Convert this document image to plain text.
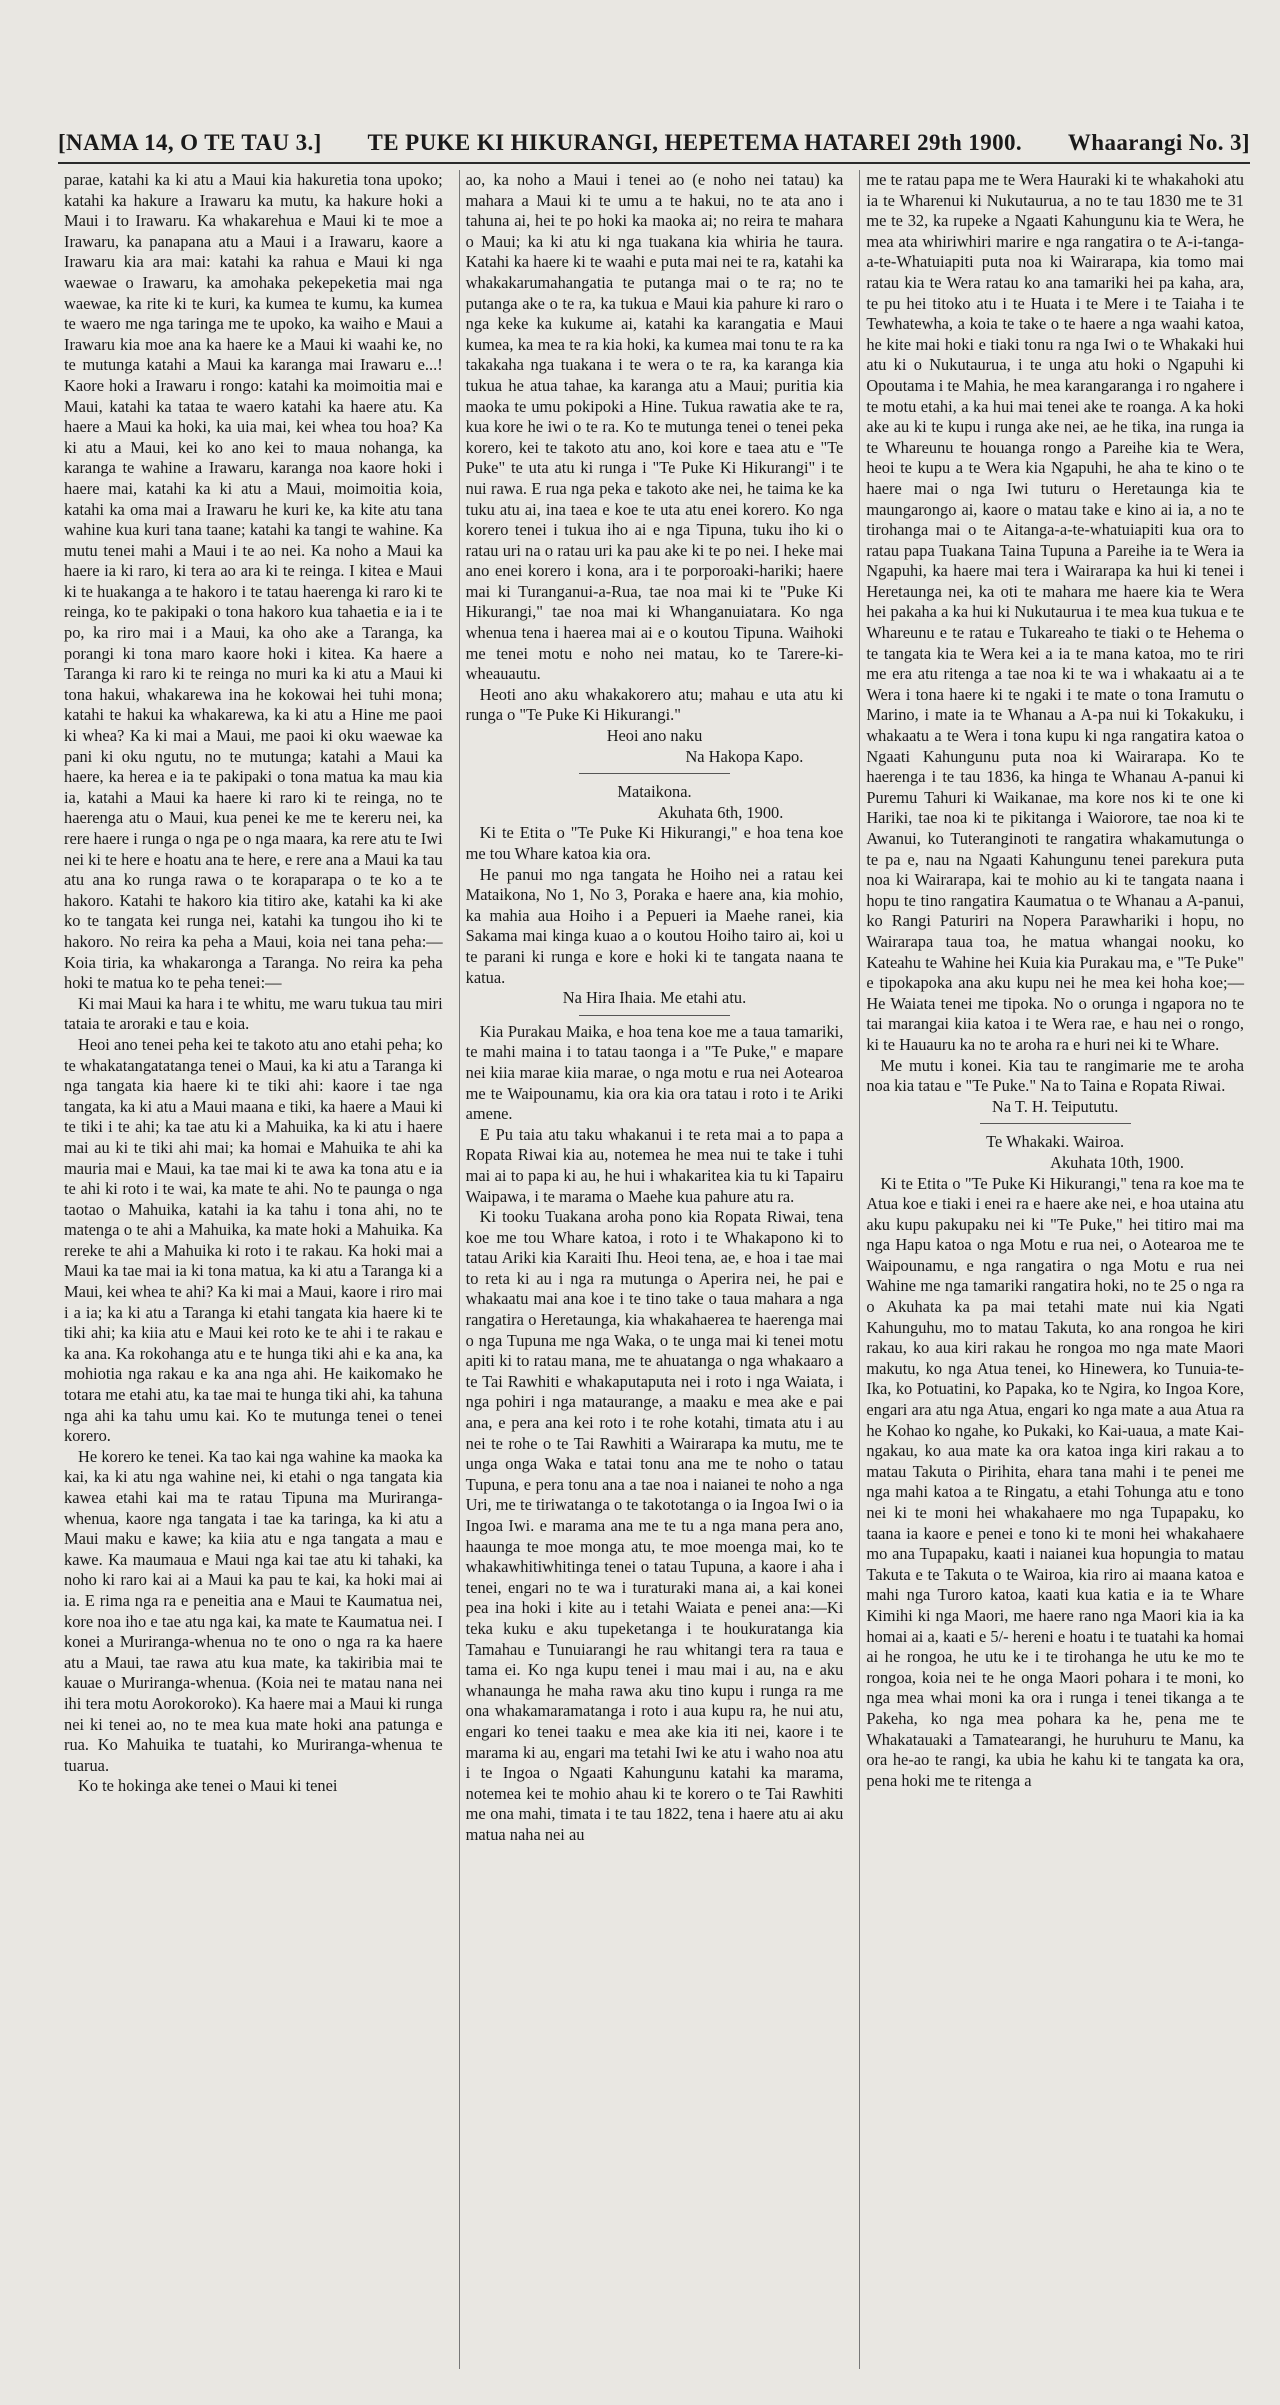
[NAMA 14, O TE TAU 3.] TE PUKE KI HIKURANGI, HEPETEMA HATAREI 29th 1900. Whaarangi No. 3]

parae, katahi ka ki atu a Maui kia hakuretia tona upoko; katahi ka hakure a Irawaru ka mutu, ka hakure hoki a Maui i to Irawaru. Ka whakarehua e Maui ki te moe a Irawaru, ka panapana atu a Maui i a Irawaru, kaore a Irawaru kia ara mai: katahi ka rahua e Maui ki nga waewae o Irawaru, ka amohaka pekepeketia mai nga waewae, ka rite ki te kuri, ka kumea te kumu, ka kumea te waero me nga taringa me te upoko, ka waiho e Maui a Irawaru kia moe ana ka haere ke a Maui ki waahi ke, no te mutunga katahi a Maui ka karanga mai Irawaru e...! Kaore hoki a Irawaru i rongo: katahi ka moimoitia mai e Maui, katahi ka tataa te waero katahi ka haere atu. Ka haere a Maui ka hoki, ka uia mai, kei whea tou hoa? Ka ki atu a Maui, kei ko ano kei to maua nohanga, ka karanga te wahine a Irawaru, karanga noa kaore hoki i haere mai, katahi ka ki atu a Maui, moimoitia koia, katahi ka oma mai a Irawaru he kuri ke, ka kite atu tana wahine kua kuri tana taane; katahi ka tangi te wahine. Ka mutu tenei mahi a Maui i te ao nei. Ka noho a Maui ka haere ia ki raro, ki tera ao ara ki te reinga. I kitea e Maui ki te huakanga a te hakoro i te tatau haerenga ki raro ki te reinga, ko te pakipaki o tona hakoro kua tahaetia e ia i te po, ka riro mai i a Maui, ka oho ake a Taranga, ka porangi ki tona maro kaore hoki i kitea. Ka haere a Taranga ki raro ki te reinga no muri ka ki atu a Maui ki tona hakui, whakarewa ina he kokowai hei tuhi mona; katahi te hakui ka whakarewa, ka ki atu a Hine me paoi ki whea? Ka ki mai a Maui, me paoi ki oku waewae ka pani ki oku ngutu, no te mutunga; katahi a Maui ka haere, ka herea e ia te pakipaki o tona matua ka mau kia ia, katahi a Maui ka haere ki raro ki te reinga, no te haerenga atu o Maui, kua penei ke me te kereru nei, ka rere haere i runga o nga pe o nga maara, ka rere atu te Iwi nei ki te here e hoatu ana te here, e rere ana a Maui ka tau atu ana ko runga rawa o te koraparapa o te ko a te hakoro. Katahi te hakoro kia titiro ake, katahi ka ki ake ko te tangata kei runga nei, katahi ka tungou iho ki te hakoro. No reira ka peha a Maui, koia nei tana peha:— Koia tiria, ka whakaronga a Taranga. No reira ka peha hoki te matua ko te peha tenei:—

Ki mai Maui ka hara i te whitu, me waru tukua tau miri tataia te aroraki e tau e koia.

Heoi ano tenei peha kei te takoto atu ano etahi peha; ko te whakatangatatanga tenei o Maui, ka ki atu a Taranga ki nga tangata kia haere ki te tiki ahi: kaore i tae nga tangata, ka ki atu a Maui maana e tiki, ka haere a Maui ki te tiki i te ahi; ka tae atu ki a Mahuika, ka ki atu i haere mai au ki te tiki ahi mai; ka homai e Mahuika te ahi ka mauria mai e Maui, ka tae mai ki te awa ka tona atu e ia te ahi ki roto i te wai, ka mate te ahi. No te paunga o nga taotao o Mahuika, katahi ia ka tahu i tona ahi, no te matenga o te ahi a Mahuika, ka mate hoki a Mahuika. Ka rereke te ahi a Mahuika ki roto i te rakau. Ka hoki mai a Maui ka tae mai ia ki tona matua, ka ki atu a Taranga ki a Maui, kei whea te ahi? Ka ki mai a Maui, kaore i riro mai i a ia; ka ki atu a Taranga ki etahi tangata kia haere ki te tiki ahi; ka kiia atu e Maui kei roto ke te ahi i te rakau e ka ana. Ka rokohanga atu e te hunga tiki ahi e ka ana, ka mohiotia nga rakau e ka ana nga ahi. He kaikomako he totara me etahi atu, ka tae mai te hunga tiki ahi, ka tahuna nga ahi ka tahu umu kai. Ko te mutunga tenei o tenei korero.

He korero ke tenei. Ka tao kai nga wahine ka maoka ka kai, ka ki atu nga wahine nei, ki etahi o nga tangata kia kawea etahi kai ma te ratau Tipuna ma Muriranga-whenua, kaore nga tangata i tae ka taringa, ka ki atu a Maui maku e kawe; ka kiia atu e nga tangata a mau e kawe. Ka maumaua e Maui nga kai tae atu ki tahaki, ka noho ki raro kai ai a Maui ka pau te kai, ka hoki mai ai ia. E rima nga ra e peneitia ana e Maui te Kaumatua nei, kore noa iho e tae atu nga kai, ka mate te Kaumatua nei. I konei a Muriranga-whenua no te ono o nga ra ka haere atu a Maui, tae rawa atu kua mate, ka takiribia mai te kauae o Muriranga-whenua. (Koia nei te matau nana nei ihi tera motu Aorokoroko). Ka haere mai a Maui ki runga nei ki tenei ao, no te mea kua mate hoki ana patunga e rua. Ko Mahuika te tuatahi, ko Muriranga-whenua te tuarua.

Ko te hokinga ake tenei o Maui ki tenei

ao, ka noho a Maui i tenei ao (e noho nei tatau) ka mahara a Maui ki te umu a te hakui, no te ata ano i tahuna ai, hei te po hoki ka maoka ai; no reira te mahara o Maui; ka ki atu ki nga tuakana kia whiria he taura. Katahi ka haere ki te waahi e puta mai nei te ra, katahi ka whakakarumahangatia te putanga mai o te ra; no te putanga ake o te ra, ka tukua e Maui kia pahure ki raro o nga keke ka kukume ai, katahi ka karangatia e Maui kumea, ka mea te ra kia hoki, ka kumea mai tonu te ra ka takakaha nga tuakana i te wera o te ra, ka karanga kia tukua he atua tahae, ka karanga atu a Maui; puritia kia maoka te umu pokipoki a Hine. Tukua rawatia ake te ra, kua kore he iwi o te ra. Ko te mutunga tenei o tenei peka korero, kei te takoto atu ano, koi kore e taea atu e "Te Puke" te uta atu ki runga i "Te Puke Ki Hikurangi" i te nui rawa. E rua nga peka e takoto ake nei, he taima ke ka tuku atu ai, ina taea e koe te uta atu enei korero. Ko nga korero tenei i tukua iho ai e nga Tipuna, tuku iho ki o ratau uri na o ratau uri ka pau ake ki te po nei. I heke mai ano enei korero i kona, ara i te porporoaki-hariki; haere mai ki Turanganui-a-Rua, tae noa mai ki te "Puke Ki Hikurangi," tae noa mai ki Whanganuiatara. Ko nga whenua tena i haerea mai ai e o koutou Tipuna. Waihoki me tenei motu e noho nei matau, ko te Tarere-ki-wheauautu.

Heoti ano aku whakakorero atu; mahau e uta atu ki runga o "Te Puke Ki Hikurangi."

Heoi ano naku

Na Hakopa Kapo.

Mataikona.

Akuhata 6th, 1900.

Ki te Etita o "Te Puke Ki Hikurangi," e hoa tena koe me tou Whare katoa kia ora.

He panui mo nga tangata he Hoiho nei a ratau kei Mataikona, No 1, No 3, Poraka e haere ana, kia mohio, ka mahia aua Hoiho i a Pepueri ia Maehe ranei, kia Sakama mai kinga kuao a o koutou Hoiho tairo ai, koi u te parani ki runga e kore e hoki ki te tangata naana te katua.

Na Hira Ihaia. Me etahi atu.

Kia Purakau Maika, e hoa tena koe me a taua tamariki, te mahi maina i to tatau taonga i a "Te Puke," e mapare nei kiia marae kiia marae, o nga motu e rua nei Aotearoa me te Waipounamu, kia ora kia ora tatau i roto i te Ariki amene.

E Pu taia atu taku whakanui i te reta mai a to papa a Ropata Riwai kia au, notemea he mea nui te take i tuhi mai ai to papa ki au, he hui i whakaritea kia tu ki Tapairu Waipawa, i te marama o Maehe kua pahure atu ra.

Ki tooku Tuakana aroha pono kia Ropata Riwai, tena koe me tou Whare katoa, i roto i te Whakapono ki to tatau Ariki kia Karaiti Ihu. Heoi tena, ae, e hoa i tae mai to reta ki au i nga ra mutunga o Aperira nei, he pai e whakaatu mai ana koe i te tino take o taua mahara a nga rangatira o Heretaunga, kia whakahaerea te haerenga mai o nga Tupuna me nga Waka, o te unga mai ki tenei motu apiti ki to ratau mana, me te ahuatanga o nga whakaaro a te Tai Rawhiti e whakaputaputa nei i roto i nga Waiata, i nga pohiri i nga mataurange, a maaku e mea ake e pai ana, e pera ana kei roto i te rohe kotahi, timata atu i au nei te rohe o te Tai Rawhiti a Wairarapa ka mutu, me te unga onga Waka e tatai tonu ana me te noho o tatau Tupuna, e pera tonu ana a tae noa i naianei te noho a nga Uri, me te tiriwatanga o te takototanga o ia Ingoa Iwi o ia Ingoa Iwi. e marama ana me te tu a nga mana pera ano, haaunga te moe monga atu, te moe moenga mai, ko te whakawhitiwhitinga tenei o tatau Tupuna, a kaore i aha i tenei, engari no te wa i turaturaki mana ai, a kai konei pea ina hoki i kite au i tetahi Waiata e penei ana:—Ki teka kuku e aku tupeketanga i te houkuratanga kia Tamahau e Tunuiarangi he rau whitangi tera ra taua e tama ei. Ko nga kupu tenei i mau mai i au, na e aku whanaunga he maha rawa aku tino kupu i runga ra me ona whakamaramatanga i roto i aua kupu ra, he nui atu, engari ko tenei taaku e mea ake kia iti nei, kaore i te marama ki au, engari ma tetahi Iwi ke atu i waho noa atu i te Ingoa o Ngaati Kahungunu katahi ka marama, notemea kei te mohio ahau ki te korero o te Tai Rawhiti me ona mahi, timata i te tau 1822, tena i haere atu ai aku matua naha nei au

me te ratau papa me te Wera Hauraki ki te whakahoki atu ia te Wharenui ki Nukutaurua, a no te tau 1830 me te 31 me te 32, ka rupeke a Ngaati Kahungunu kia te Wera, he mea ata whiriwhiri marire e nga rangatira o te A-i-tanga-a-te-Whatuiapiti puta noa ki Wairarapa, kia tomo mai ratau kia te Wera ratau ko ana tamariki hei pa kaha, ara, te pu hei titoko atu i te Huata i te Mere i te Taiaha i te Tewhatewha, a koia te take o te haere a nga waahi katoa, he kite mai hoki e tiaki tonu ra nga Iwi o te Whakaki hui atu ki o Nukutaurua, i te unga atu hoki o Ngapuhi ki Opoutama i te Mahia, he mea karangaranga i ro ngahere i te motu etahi, a ka hui mai tenei ake te roanga. A ka hoki ake au ki te kupu i runga ake nei, ae he tika, ina runga ia te Whareunu te houanga rongo a Pareihe kia te Wera, heoi te kupu a te Wera kia Ngapuhi, he aha te kino o te haere mai o nga Iwi tuturu o Heretaunga kia te maungarongo ai, kaore o matau take e kino ai ia, a no te tirohanga mai o te Aitanga-a-te-whatuiapiti kua ora to ratau papa Tuakana Taina Tupuna a Pareihe ia te Wera ia Ngapuhi, ka haere mai tera i Wairarapa ka hui ki tenei i Heretaunga nei, ka oti te mahara me haere kia te Wera hei pakaha a ka hui ki Nukutaurua i te mea kua tukua e te Whareunu e te ratau e Tukareaho te tiaki o te Hehema o te tangata kia te Wera kei a ia te mana katoa, mo te riri me era atu ritenga a tae noa ki te wa i whakaatu ai a te Wera i tona haere ki te ngaki i te mate o tona Iramutu o Marino, i mate ia te Whanau a A-pa nui ki Tokakuku, i whakaatu a te Wera i tona kupu ki nga rangatira katoa o Ngaati Kahungunu puta noa ki Wairarapa. Ko te haerenga i te tau 1836, ka hinga te Whanau A-panui ki Puremu Tahuri ki Waikanae, ma kore nos ki te one ki Hariki, tae noa ki te pikitanga i Waiorore, tae noa ki te Awanui, ko Tuteranginoti te rangatira whakamutunga o te pa e, nau na Ngaati Kahungunu tenei parekura puta noa ki Wairarapa, kai te mohio au ki te tangata naana i hopu te tino rangatira Kaumatua o te Whanau a A-panui, ko Rangi Paturiri na Nopera Parawhariki i hopu, no Wairarapa taua toa, he matua whangai nooku, ko Kateahu te Wahine hei Kuia kia Purakau ma, e "Te Puke" e tipokapoka ana aku kupu nei he mea kei hoha koe;—He Waiata tenei me tipoka. No o orunga i ngapora no te tai marangai kiia katoa i te Wera rae, e hau nei o rongo, ki te Hauauru ka no te aroha ra e huri nei ki te Whare.

Me mutu i konei. Kia tau te rangimarie me te aroha noa kia tatau e "Te Puke." Na to Taina e Ropata Riwai.

Na T. H. Teipututu.

Te Whakaki. Wairoa.

Akuhata 10th, 1900.

Ki te Etita o "Te Puke Ki Hikurangi," tena ra koe ma te Atua koe e tiaki i enei ra e haere ake nei, e hoa utaina atu aku kupu pakupaku nei ki "Te Puke," hei titiro mai ma nga Hapu katoa o nga Motu e rua nei, o Aotearoa me te Waipounamu, e nga rangatira o nga Motu e rua nei Wahine me nga tamariki rangatira hoki, no te 25 o nga ra o Akuhata ka pa mai tetahi mate nui kia Ngati Kahunguhu, mo to matau Takuta, ko ana rongoa he kiri rakau, ko aua kiri rakau he rongoa mo nga mate Maori makutu, ko nga Atua tenei, ko Hinewera, ko Tunuia-te-Ika, ko Potuatini, ko Papaka, ko te Ngira, ko Ingoa Kore, engari ara atu nga Atua, engari ko nga mate a aua Atua ra he Kohao ko ngahe, ko Pukaki, ko Kai-uaua, a mate Kai-ngakau, ko aua mate ka ora katoa inga kiri rakau a to matau Takuta o Pirihita, ehara tana mahi i te penei me nga mahi katoa a te Ringatu, a etahi Tohunga atu e tono nei ki te moni hei whakahaere mo nga Tupapaku, ko taana ia kaore e penei e tono ki te moni hei whakahaere mo ana Tupapaku, kaati i naianei kua hopungia to matau Takuta e te Takuta o te Wairoa, kia riro ai maana katoa e mahi nga Turoro katoa, kaati kua katia e ia te Whare Kimihi ki nga Maori, me haere rano nga Maori kia ia ka homai ai a, kaati e 5/- hereni e hoatu i te tuatahi ka homai ai he rongoa, he utu ke i te tirohanga he utu ke mo te rongoa, koia nei te he onga Maori pohara i te moni, ko nga mea whai moni ka ora i runga i tenei tikanga a te Pakeha, ko nga mea pohara ka he, pena me te Whakatauaki a Tamatearangi, he huruhuru te Manu, ka ora he-ao te rangi, ka ubia he kahu ki te tangata ka ora, pena hoki me te ritenga a
